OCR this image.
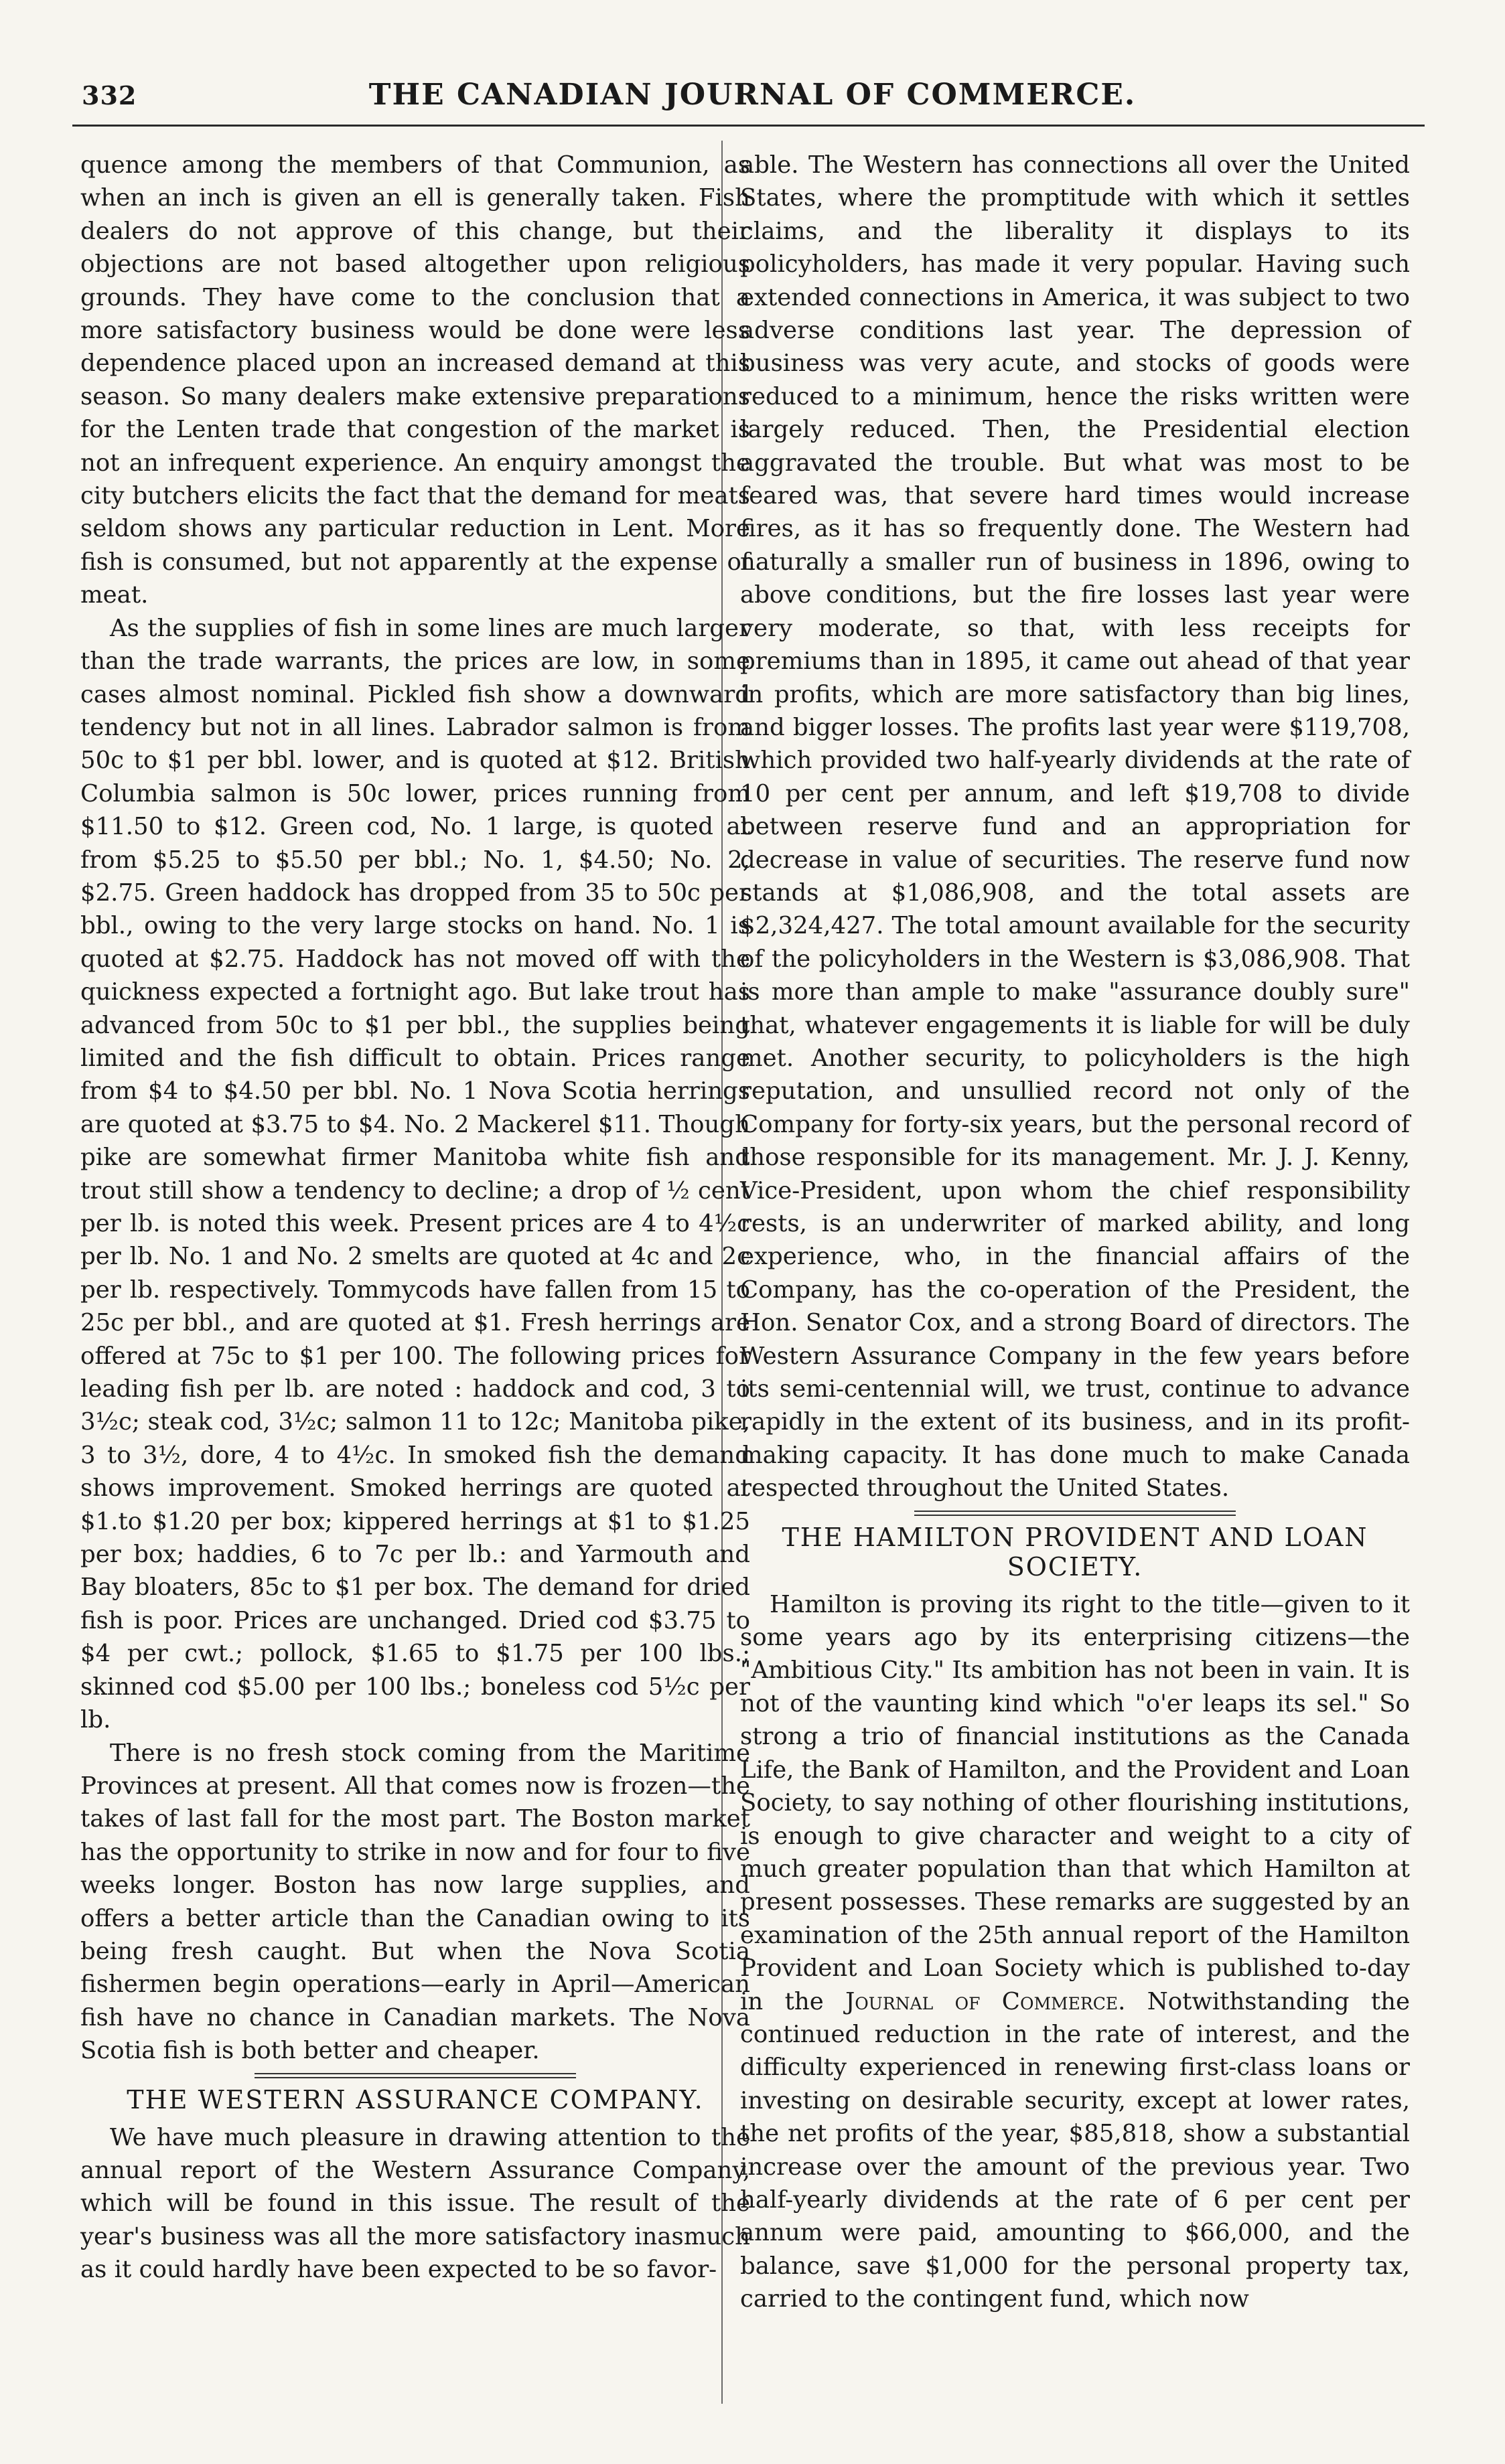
332	THE CANADIAN JOURNAL OF COMMERCE.

quence among the members of that Communion, as when an inch is given an ell is generally taken. Fish dealers do not approve of this change, but their objections are not based altogether upon religious grounds. They have come to the conclusion that a more satisfactory business would be done were less dependence placed upon an increased demand at this season. So many dealers make extensive preparations for the Lenten trade that congestion of the market is not an infrequent experience. An enquiry amongst the city butchers elicits the fact that the demand for meats seldom shows any particular reduction in Lent. More fish is consumed, but not apparently at the expense of meat.

As the supplies of fish in some lines are much larger than the trade warrants, the prices are low, in some cases almost nominal. Pickled fish show a downward tendency but not in all lines. Labrador salmon is from 50c to $1 per bbl. lower, and is quoted at $12. British Columbia salmon is 50c lower, prices running from $11.50 to $12. Green cod, No. 1 large, is quoted at from $5.25 to $5.50 per bbl.; No. 1, $4.50; No. 2, $2.75. Green haddock has dropped from 35 to 50c per bbl., owing to the very large stocks on hand. No. 1 is quoted at $2.75. Haddock has not moved off with the quickness expected a fortnight ago. But lake trout has advanced from 50c to $1 per bbl., the supplies being limited and the fish difficult to obtain. Prices range from $4 to $4.50 per bbl. No. 1 Nova Scotia herrings are quoted at $3.75 to $4. No. 2 Mackerel $11. Though pike are somewhat firmer Manitoba white fish and trout still show a tendency to decline; a drop of ½ cent per lb. is noted this week. Present prices are 4 to 4½c per lb. No. 1 and No. 2 smelts are quoted at 4c and 2c per lb. respectively. Tommycods have fallen from 15 to 25c per bbl., and are quoted at $1. Fresh herrings are offered at 75c to $1 per 100. The following prices for leading fish per lb. are noted : haddock and cod, 3 to 3½c; steak cod, 3½c; salmon 11 to 12c; Manitoba pike, 3 to 3½, dore, 4 to 4½c. In smoked fish the demand shows improvement. Smoked herrings are quoted at $1.to $1.20 per box; kippered herrings at $1 to $1.25 per box; haddies, 6 to 7c per lb.: and Yarmouth and Bay bloaters, 85c to $1 per box. The demand for dried fish is poor. Prices are unchanged. Dried cod $3.75 to $4 per cwt.; pollock, $1.65 to $1.75 per 100 lbs.; skinned cod $5.00 per 100 lbs.; boneless cod 5½c per lb.

There is no fresh stock coming from the Maritime Provinces at present. All that comes now is frozen—the takes of last fall for the most part. The Boston market has the opportunity to strike in now and for four to five weeks longer. Boston has now large supplies, and offers a better article than the Canadian owing to its being fresh caught. But when the Nova Scotia fishermen begin operations—early in April—American fish have no chance in Canadian markets. The Nova Scotia fish is both better and cheaper.

THE WESTERN ASSURANCE COMPANY.

We have much pleasure in drawing attention to the annual report of the Western Assurance Company, which will be found in this issue. The result of the year's business was all the more satisfactory inasmuch as it could hardly have been expected to be so favor-

able. The Western has connections all over the United States, where the promptitude with which it settles claims, and the liberality it displays to its policyholders, has made it very popular. Having such extended connections in America, it was subject to two adverse conditions last year. The depression of business was very acute, and stocks of goods were reduced to a minimum, hence the risks written were largely reduced. Then, the Presidential election aggravated the trouble. But what was most to be feared was, that severe hard times would increase fires, as it has so frequently done. The Western had naturally a smaller run of business in 1896, owing to above conditions, but the fire losses last year were very moderate, so that, with less receipts for premiums than in 1895, it came out ahead of that year in profits, which are more satisfactory than big lines, and bigger losses. The profits last year were $119,708, which provided two half-yearly dividends at the rate of 10 per cent per annum, and left $19,708 to divide between reserve fund and an appropriation for decrease in value of securities. The reserve fund now stands at $1,086,908, and the total assets are $2,324,427. The total amount available for the security of the policyholders in the Western is $3,086,908. That is more than ample to make "assurance doubly sure" that, whatever engagements it is liable for will be duly met. Another security, to policyholders is the high reputation, and unsullied record not only of the Company for forty-six years, but the personal record of those responsible for its management. Mr. J. J. Kenny, Vice-President, upon whom the chief responsibility rests, is an underwriter of marked ability, and long experience, who, in the financial affairs of the Company, has the co-operation of the President, the Hon. Senator Cox, and a strong Board of directors. The Western Assurance Company in the few years before its semi-centennial will, we trust, continue to advance rapidly in the extent of its business, and in its profit-making capacity. It has done much to make Canada respected throughout the United States.

THE HAMILTON PROVIDENT AND LOAN SOCIETY.

Hamilton is proving its right to the title—given to it some years ago by its enterprising citizens—the "Ambitious City." Its ambition has not been in vain. It is not of the vaunting kind which "o'er leaps its sel." So strong a trio of financial institutions as the Canada Life, the Bank of Hamilton, and the Provident and Loan Society, to say nothing of other flourishing institutions, is enough to give character and weight to a city of much greater population than that which Hamilton at present possesses. These remarks are suggested by an examination of the 25th annual report of the Hamilton Provident and Loan Society which is published to-day in the Journal of Commerce. Notwithstanding the continued reduction in the rate of interest, and the difficulty experienced in renewing first-class loans or investing on desirable security, except at lower rates, the net profits of the year, $85,818, show a substantial increase over the amount of the previous year. Two half-yearly dividends at the rate of 6 per cent per annum were paid, amounting to $66,000, and the balance, save $1,000 for the personal property tax, carried to the contingent fund, which now
